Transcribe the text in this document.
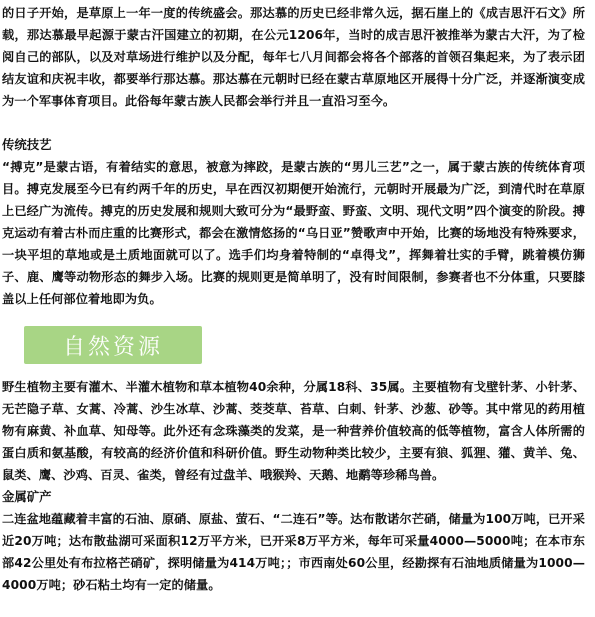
的日子开始，是草原上一年一度的传统盛会。那达慕的历史已经非常久远，据石崖上的《成吉思汗石文》所载，那达慕最早起源于蒙古汗国建立的初期，在公元1206年，当时的成吉思汗被推举为蒙古大汗，为了检阅自己的部队，以及对草场进行维护以及分配，每年七八月间都会将各个部落的首领召集起来，为了表示团结友谊和庆祝丰收，都要举行那达慕。那达慕在元朝时已经在蒙古草原地区开展得十分广泛，并逐渐演变成为一个军事体育项目。此俗每年蒙古族人民都会举行并且一直沿习至今。

传统技艺

“搏克”是蒙古语，有着结实的意思，被意为摔跤，是蒙古族的“男儿三艺”之一，属于蒙古族的传统体育项目。搏克发展至今已有约两千年的历史，早在西汉初期便开始流行，元朝时开展最为广泛，到清代时在草原上已经广为流传。搏克的历史发展和规则大致可分为“最野蛮、野蛮、文明、现代文明”四个演变的阶段。搏克运动有着古朴而庄重的比赛形式，都会在激情悠扬的“乌日亚”赞歌声中开始，比赛的场地没有特殊要求，一块平坦的草地或是土质地面就可以了。选手们均身着特制的“卓得戈”，挥舞着壮实的手臂，跳着模仿狮子、鹿、鹰等动物形态的舞步入场。比赛的规则更是简单明了，没有时间限制，参赛者也不分体重，只要膝盖以上任何部位着地即为负。

自然资源

野生植物主要有灌木、半灌木植物和草本植物40余种，分属18科、35属。主要植物有戈壁针茅、小针茅、无芒隐子草、女蒿、冷蒿、沙生冰草、沙蒿、茭茭草、苔草、白刺、针茅、沙葱、砂等。其中常见的药用植物有麻黄、补血草、知母等。此外还有念珠藻类的发菜，是一种营养价值较高的低等植物，富含人体所需的蛋白质和氨基酸，有较高的经济价值和科研价值。野生动物种类比较少，主要有狼、狐狸、獾、黄羊、兔、鼠类、鹰、沙鸡、百灵、雀类，曾经有过盘羊、哦猴羚、天鹅、地鹬等珍稀鸟兽。

金属矿产

二连盆地蕴藏着丰富的石油、原硝、原盐、萤石、“二连石”等。达布散诺尔芒硝，储量为100万吨，已开采近20万吨；达布散盐湖可采面积12万平方米，已开采8万平方米，每年可采量4000—5000吨；在本市东部42公里处有布拉格芒硝矿，探明储量为414万吨；；市西南处60公里，经勘探有石油地质储量为1000—4000万吨；砂石粘土均有一定的储量。
